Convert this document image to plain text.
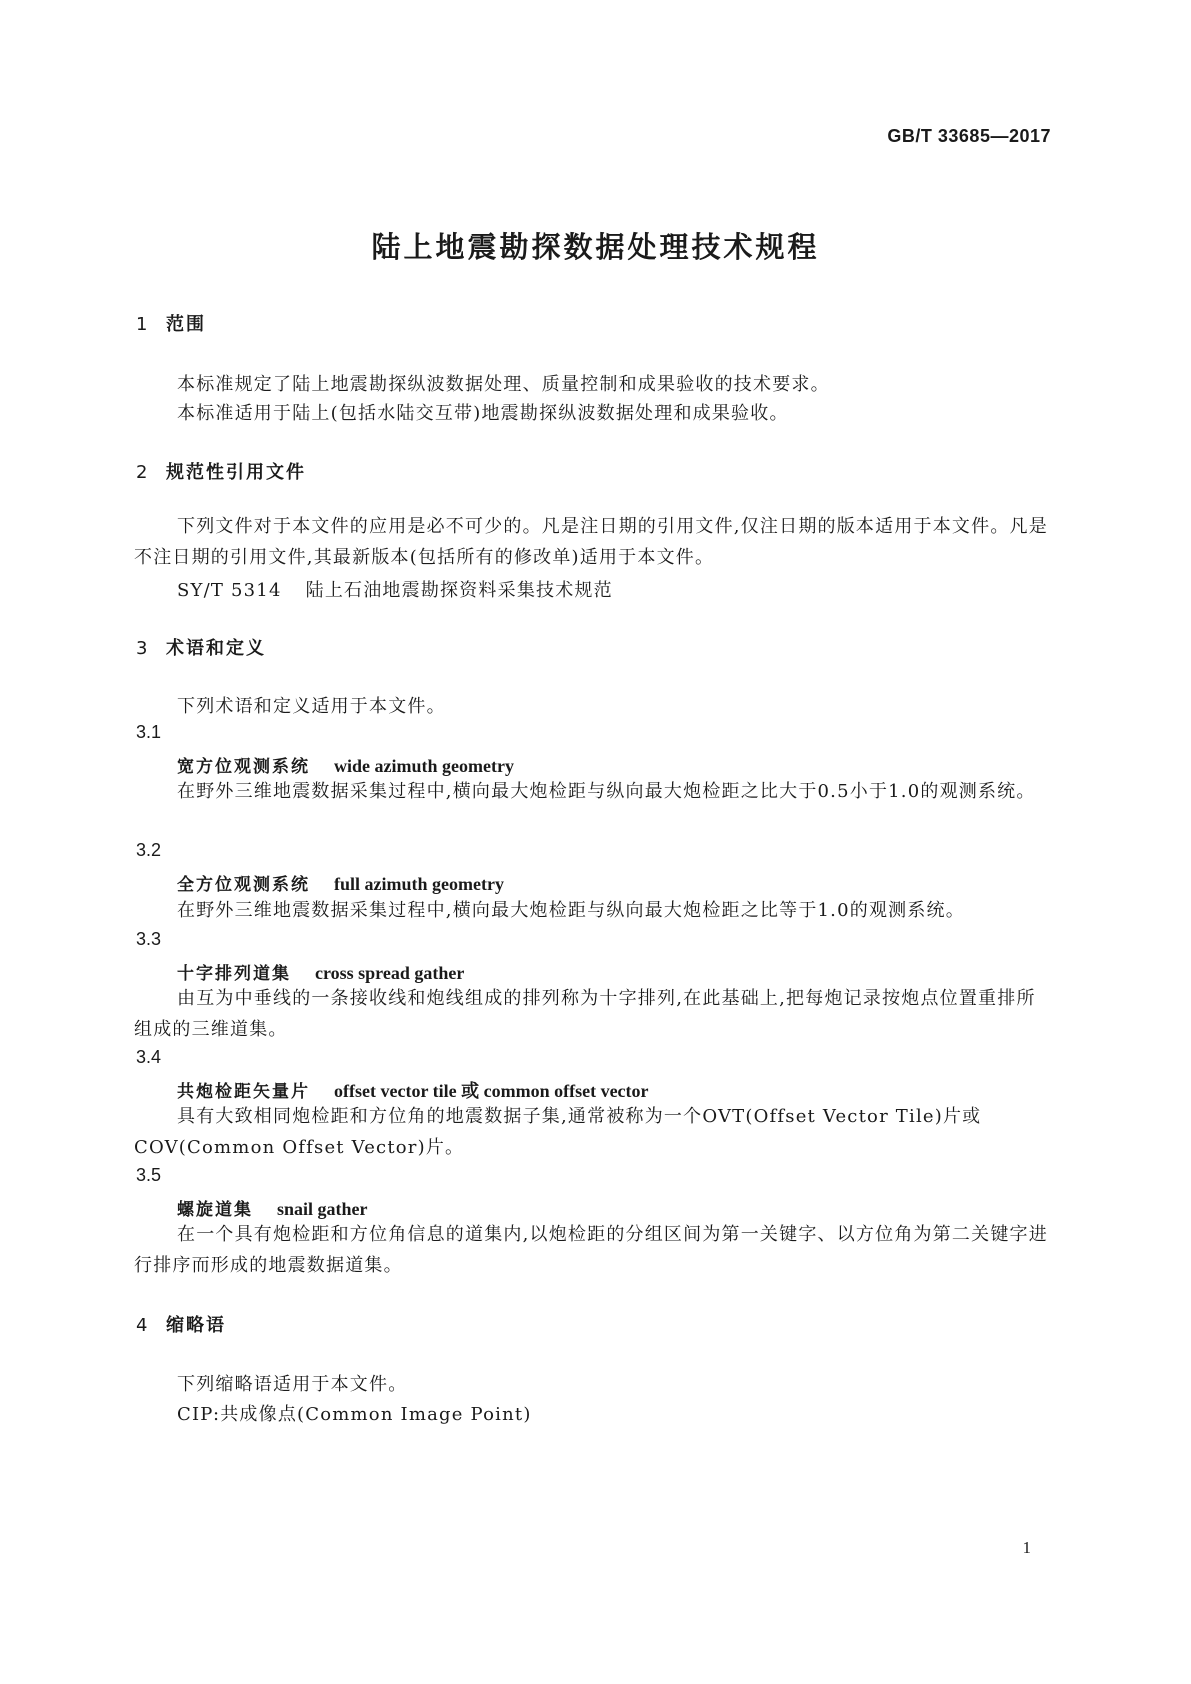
GB/T 33685—2017
陆上地震勘探数据处理技术规程
1 范围
本标准规定了陆上地震勘探纵波数据处理、质量控制和成果验收的技术要求。
本标准适用于陆上(包括水陆交互带)地震勘探纵波数据处理和成果验收。
2 规范性引用文件
下列文件对于本文件的应用是必不可少的。凡是注日期的引用文件,仅注日期的版本适用于本文件。凡是不注日期的引用文件,其最新版本(包括所有的修改单)适用于本文件。
SY/T 5314 陆上石油地震勘探资料采集技术规范
3 术语和定义
下列术语和定义适用于本文件。
3.1
宽方位观测系统 wide azimuth geometry
在野外三维地震数据采集过程中,横向最大炮检距与纵向最大炮检距之比大于0.5小于1.0的观测系统。
3.2
全方位观测系统 full azimuth geometry
在野外三维地震数据采集过程中,横向最大炮检距与纵向最大炮检距之比等于1.0的观测系统。
3.3
十字排列道集 cross spread gather
由互为中垂线的一条接收线和炮线组成的排列称为十字排列,在此基础上,把每炮记录按炮点位置重排所组成的三维道集。
3.4
共炮检距矢量片 offset vector tile 或 common offset vector
具有大致相同炮检距和方位角的地震数据子集,通常被称为一个OVT(Offset Vector Tile)片或COV(Common Offset Vector)片。
3.5
螺旋道集 snail gather
在一个具有炮检距和方位角信息的道集内,以炮检距的分组区间为第一关键字、以方位角为第二关键字进行排序而形成的地震数据道集。
4 缩略语
下列缩略语适用于本文件。
CIP:共成像点(Common Image Point)
1
